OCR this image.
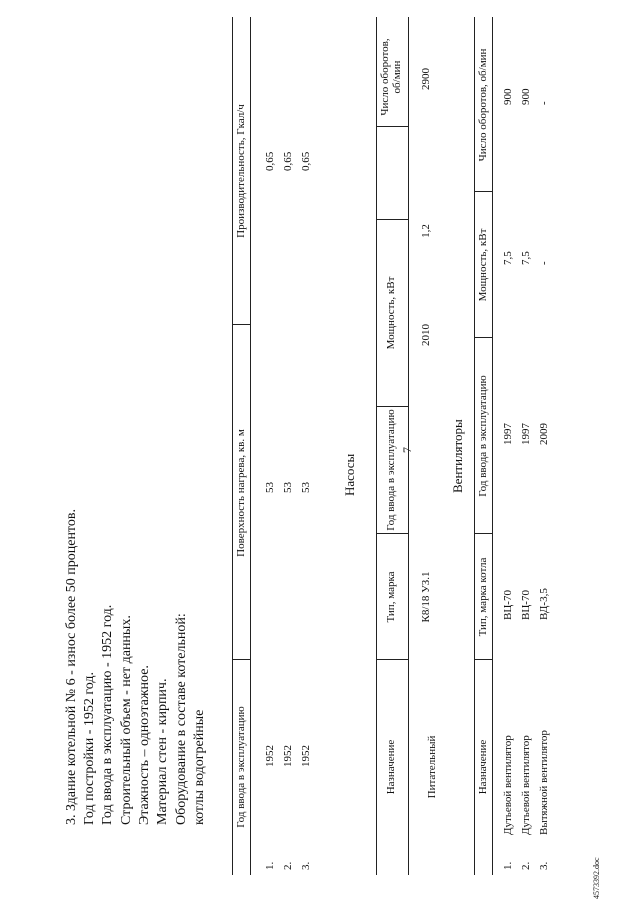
4573392.doc
7
3. Здание котельной № 6 - износ более 50 процентов. Год постройки - 1952 год. Год ввода в эксплуатацию - 1952 год. Строительный объем - нет данных. Этажность – одноэтажное. Материал стен - кирпич. Оборудование в составе котельной: котлы водогрейные	Год ввода в эксплуатацию
Поверхность нагрева, кв. м
Производительность, Гкал/ч
1.
1952
53
0,65
2.
1952
53
0,65
3.
1952
53
0,65
Насосы
Назначение
Тип, марка
Год ввода в эксплуатацию
Мощность, кВт
Число оборотов, об/мин
Питательный
К8/18 УЗ.1
2010
1,2
2900
Вентиляторы
Назначение
Тип, марка котла
Год ввода в эксплуатацию
Мощность, кВт
Число оборотов, об/мин
1.
Дутьевой вентилятор
ВЦ-70
1997
7,5
900
2.
Дутьевой вентилятор
ВЦ-70
1997
7,5
900
3.
Вытяжной вентилятор
ВД-3,5
2009
-
-
